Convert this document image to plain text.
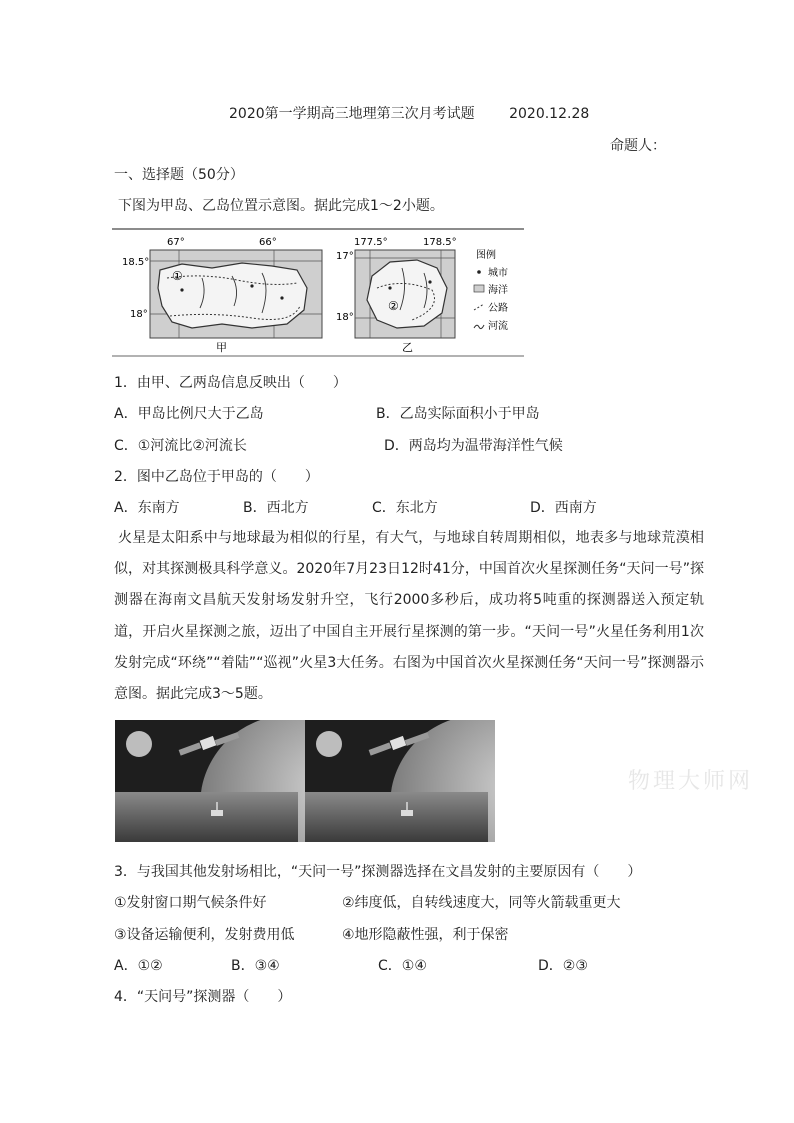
2020第一学期高三地理第三次月考试题 2020.12.28
命题人：
一、选择题（50分）
下图为甲岛、乙岛位置示意图。据此完成1～2小题。
67°	66°
18.5°
18°
①
甲
177.5°	178.5°
17°
18°
②
乙
图例
城市
海洋
公路
河流
1．由甲、乙两岛信息反映出（　　）
A．甲岛比例尺大于乙岛	B．乙岛实际面积小于甲岛
C．①河流比②河流长	D．两岛均为温带海洋性气候
2．图中乙岛位于甲岛的（　　）
A．东南方	B．西北方	C．东北方	D．西南方
火星是太阳系中与地球最为相似的行星，有大气，与地球自转周期相似，地表多与地球荒漠相似，对其探测极具科学意义。2020年7月23日12时41分，中国首次火星探测任务“天问一号”探测器在海南文昌航天发射场发射升空，飞行2000多秒后，成功将5吨重的探测器送入预定轨道，开启火星探测之旅，迈出了中国自主开展行星探测的第一步。“天问一号”火星任务利用1次发射完成“环绕”“着陆”“巡视”火星3大任务。右图为中国首次火星探测任务“天问一号”探测器示意图。据此完成3～5题。
物理大师网
3．与我国其他发射场相比，“天问一号”探测器选择在文昌发射的主要原因有（　　）
①发射窗口期气候条件好	②纬度低，自转线速度大，同等火箭载重更大
③设备运输便利，发射费用低	④地形隐蔽性强，利于保密
A．①②	B．③④	C．①④	D．②③
4．“天问号”探测器（　　）
